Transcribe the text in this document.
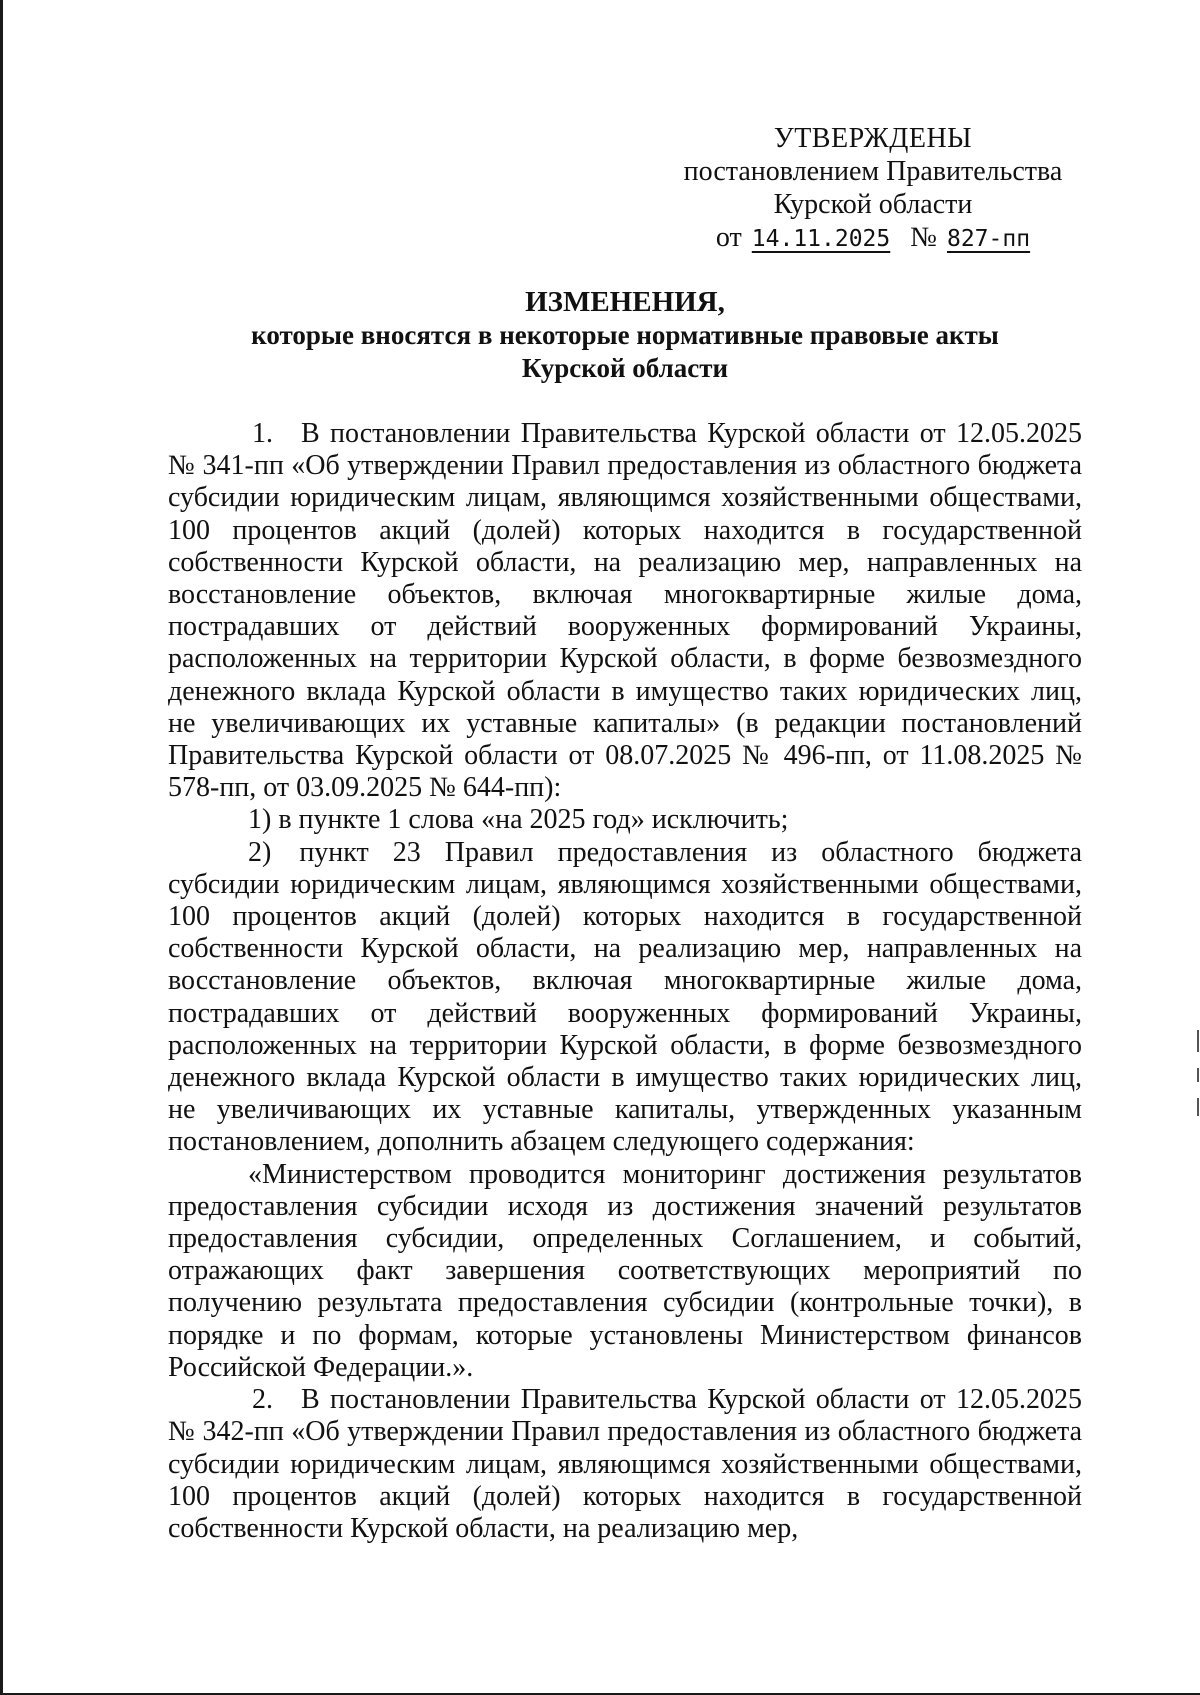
УТВЕРЖДЕНЫ
постановлением Правительства
Курской области
от 14.11.2025 № 827-пп
ИЗМЕНЕНИЯ,
которые вносятся в некоторые нормативные правовые акты
Курской области

1. В постановлении Правительства Курской области от 12.05.2025 № 341-пп «Об утверждении Правил предоставления из областного бюджета субсидии юридическим лицам, являющимся хозяйственными обществами, 100 процентов акций (долей) которых находится в государственной собственности Курской области, на реализацию мер, направленных на восстановление объектов, включая многоквартирные жилые дома, пострадавших от действий вооруженных формирований Украины, расположенных на территории Курской области, в форме безвозмездного денежного вклада Курской области в имущество таких юридических лиц, не увеличивающих их уставные капиталы» (в редакции постановлений Правительства Курской области от 08.07.2025 № 496-пп, от 11.08.2025 № 578-пп, от 03.09.2025 № 644-пп):

1) в пункте 1 слова «на 2025 год» исключить;

2) пункт 23 Правил предоставления из областного бюджета субсидии юридическим лицам, являющимся хозяйственными обществами, 100 процентов акций (долей) которых находится в государственной собственности Курской области, на реализацию мер, направленных на восстановление объектов, включая многоквартирные жилые дома, пострадавших от действий вооруженных формирований Украины, расположенных на территории Курской области, в форме безвозмездного денежного вклада Курской области в имущество таких юридических лиц, не увеличивающих их уставные капиталы, утвержденных указанным постановлением, дополнить абзацем следующего содержания:

«Министерством проводится мониторинг достижения результатов предоставления субсидии исходя из достижения значений результатов предоставления субсидии, определенных Соглашением, и событий, отражающих факт завершения соответствующих мероприятий по получению результата предоставления субсидии (контрольные точки), в порядке и по формам, которые установлены Министерством финансов Российской Федерации.».

2. В постановлении Правительства Курской области от 12.05.2025 № 342-пп «Об утверждении Правил предоставления из областного бюджета субсидии юридическим лицам, являющимся хозяйственными обществами, 100 процентов акций (долей) которых находится в государственной собственности Курской области, на реализацию мер,
